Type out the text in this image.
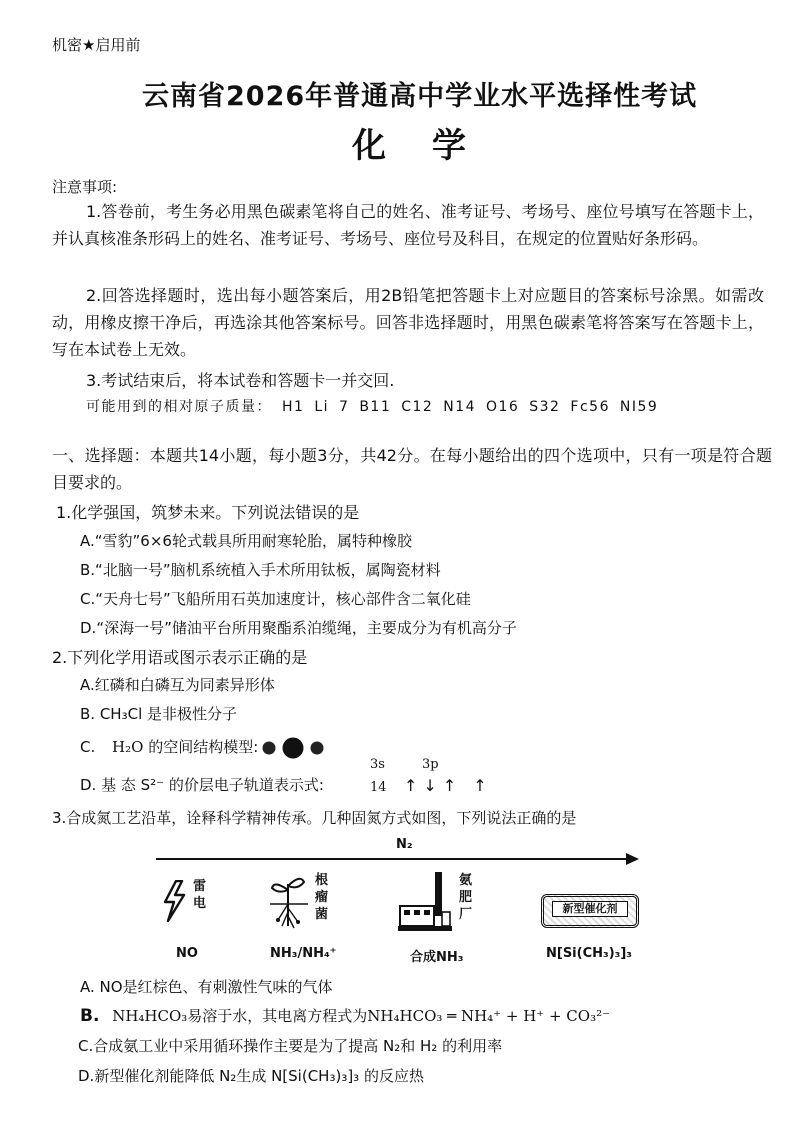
机密★启用前
云南省2026年普通高中学业水平选择性考试
化学
注意事项:
1.答卷前，考生务必用黑色碳素笔将自己的姓名、准考证号、考场号、座位号填写在答题卡上，并认真核准条形码上的姓名、准考证号、考场号、座位号及科目，在规定的位置贴好条形码。
2.回答选择题时，选出每小题答案后，用2B铅笔把答题卡上对应题目的答案标号涂黑。如需改动，用橡皮擦干净后，再选涂其他答案标号。回答非选择题时，用黑色碳素笔将答案写在答题卡上，写在本试卷上无效。
3.考试结束后，将本试卷和答题卡一并交回.
可能用到的相对原子质量： H1 Li 7 B11 C12 N14 O16 S32 Fc56 NI59
一、选择题：本题共14小题，每小题3分，共42分。在每小题给出的四个选项中，只有一项是符合题目要求的。
1.化学强国，筑梦未来。下列说法错误的是
A.“雪豹”6×6轮式载具所用耐寒轮胎，属特种橡胶
B.“北脑一号”脑机系统植入手术所用钛板，属陶瓷材料
C.“天舟七号”飞船所用石英加速度计，核心部件含二氧化硅
D.“深海一号”储油平台所用聚酯系泊缆绳，主要成分为有机高分子
2.下列化学用语或图示表示正确的是
A.红磷和白磷互为同素异形体
B. CH₃Cl 是非极性分子
C. H₂O 的空间结构模型:
D. 基 态 S²⁻ 的价层电子轨道表示式:
3s	3p
14 ↑↓↑ ↑
3.合成氮工艺沿革，诠释科学精神传承。几种固氮方式如图，下列说法正确的是
N₂
雷电
根瘤菌
氨肥厂	新型催化剂
NO	NH₃/NH₄⁺	合成NH₃	N[Si(CH₃)₃]₃
A. NO是红棕色、有刺激性气味的气体
B. NH₄HCO₃易溶于水，其电离方程式为NH₄HCO₃ ═ NH₄⁺ + H⁺ + CO₃²⁻
C.合成氨工业中采用循环操作主要是为了提高 N₂和 H₂ 的利用率
D.新型催化剂能降低 N₂生成 N[Si(CH₃)₃]₃ 的反应热
